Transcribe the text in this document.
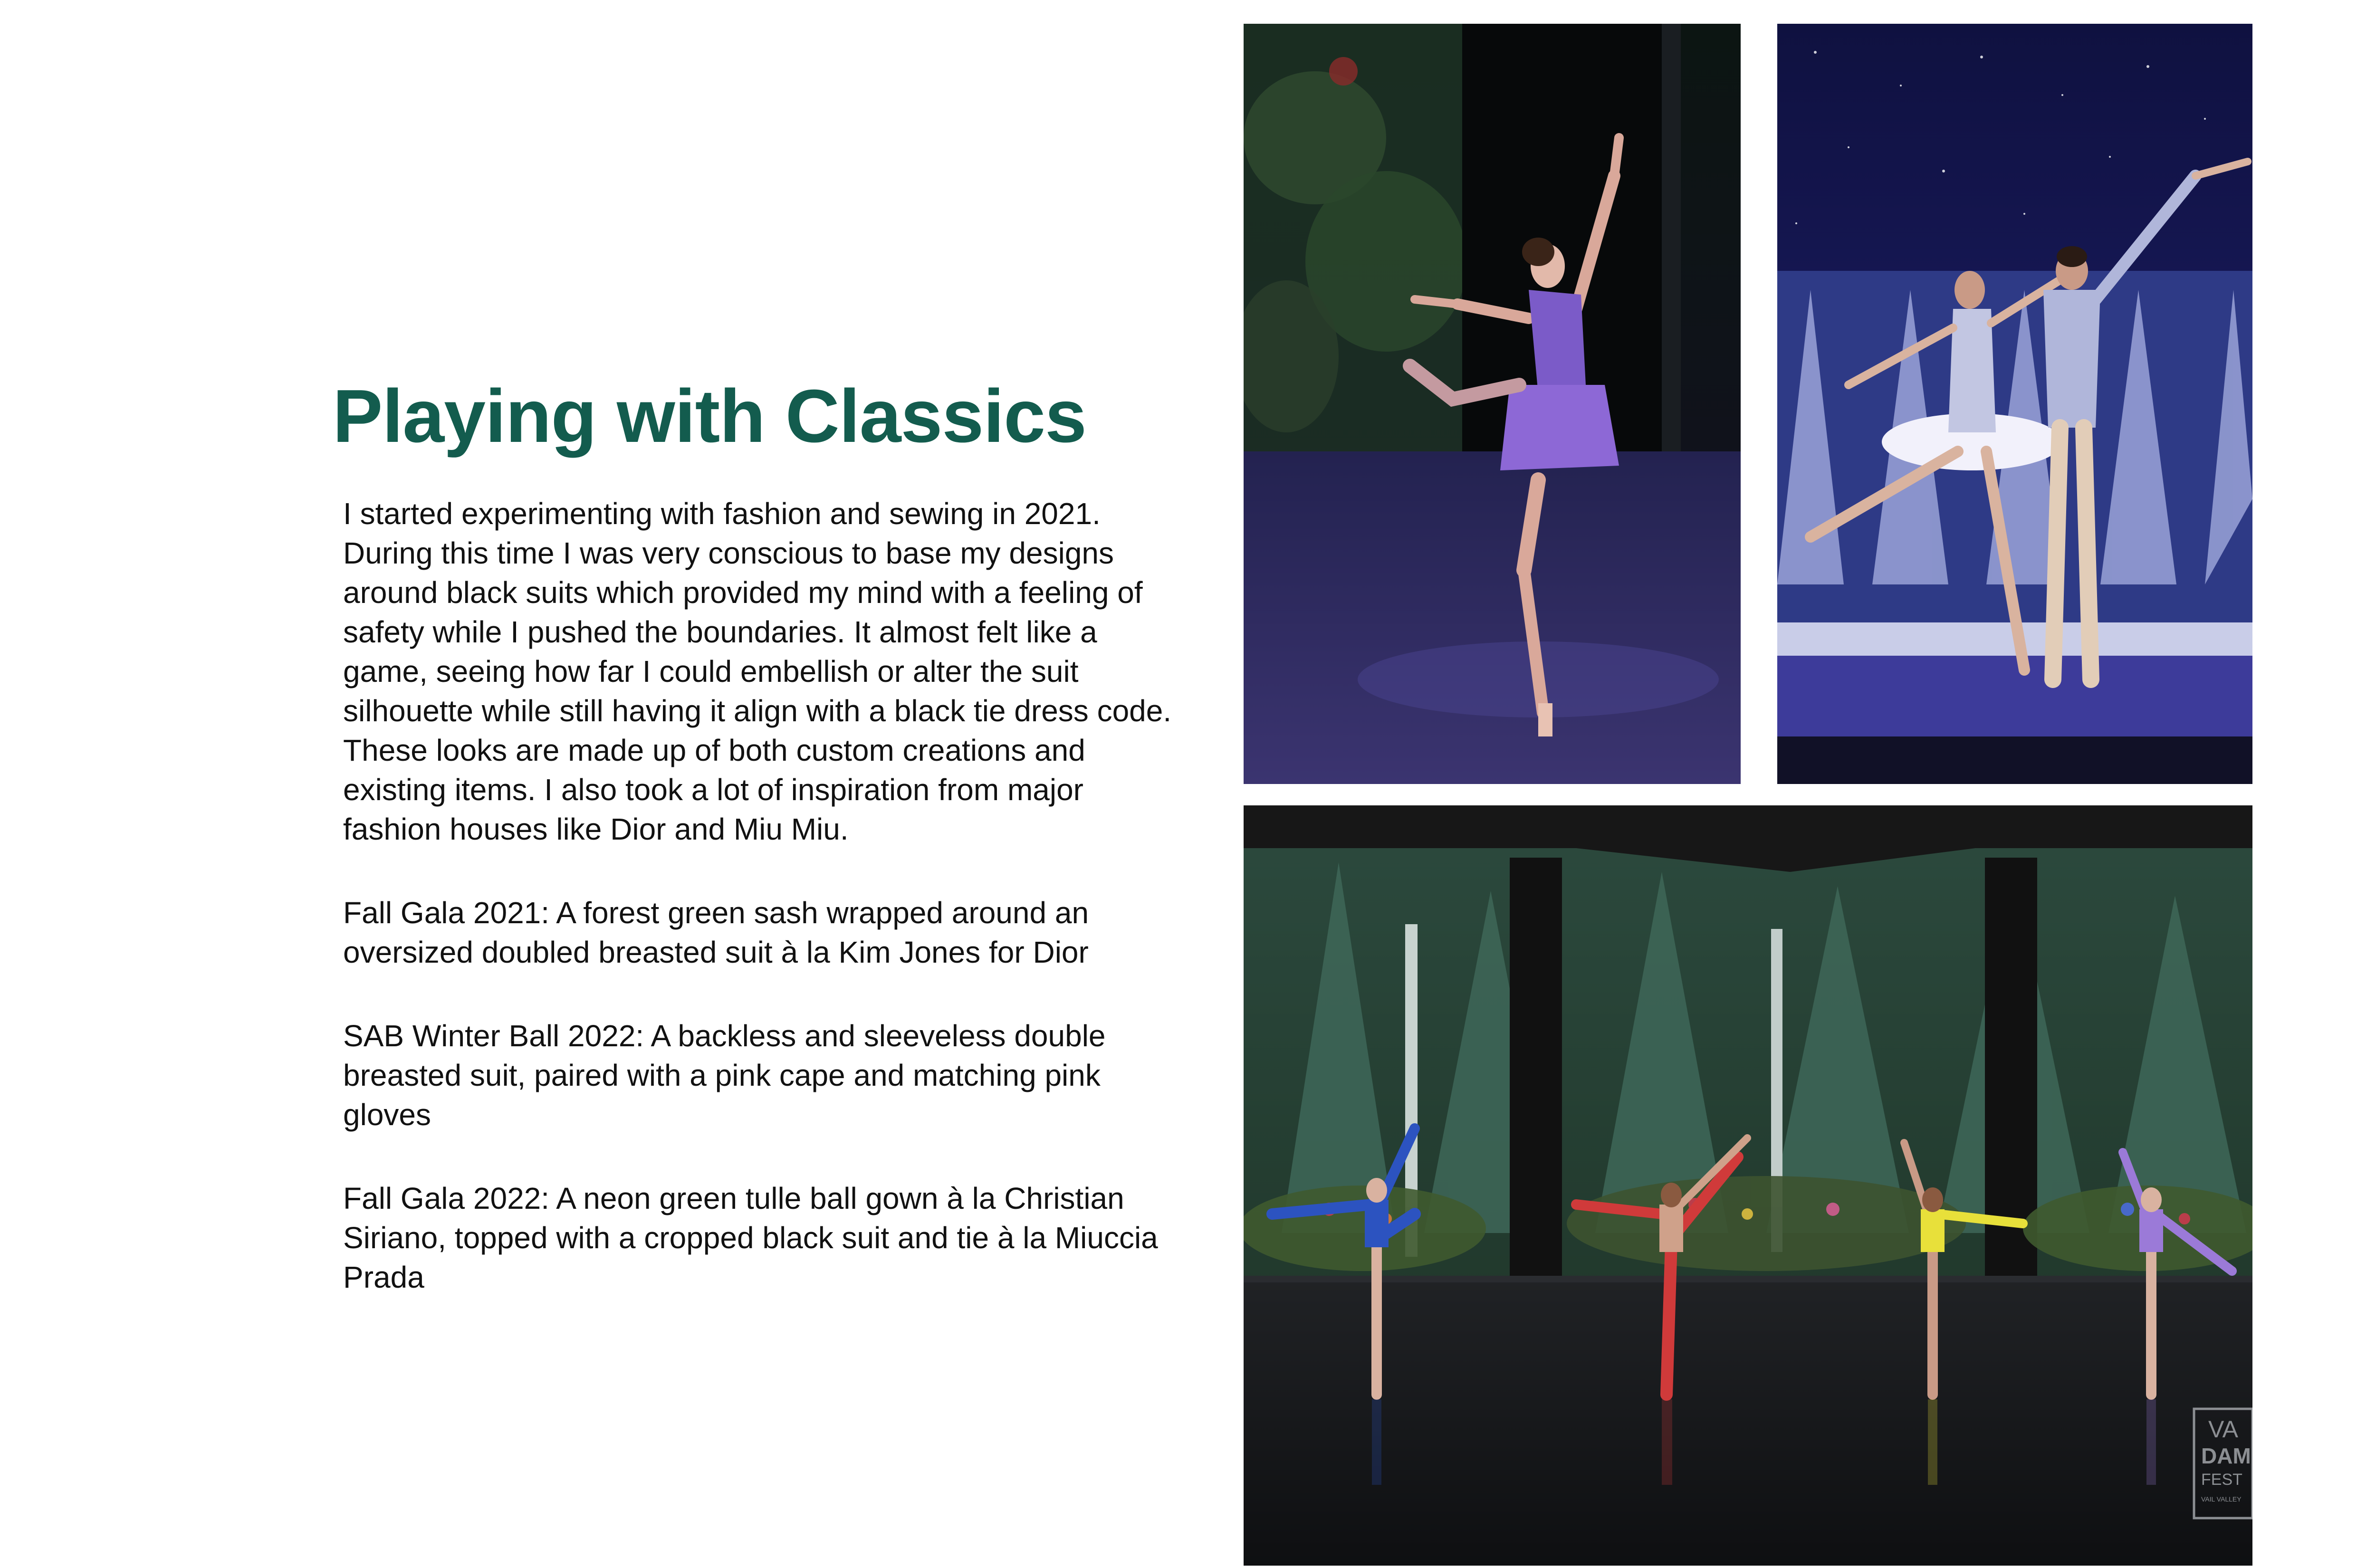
Playing with Classics

I started experimenting with fashion and sewing in 2021. During this time I was very conscious to base my designs around black suits which provided my mind with a feeling of safety while I pushed the boundaries. It almost felt like a game, seeing how far I could embellish or alter the suit silhouette while still having it align with a black tie dress code. These looks are made up of both custom creations and existing items. I also took a lot of inspiration from major fashion houses like Dior and Miu Miu.

Fall Gala 2021: A forest green sash wrapped around an oversized doubled breasted suit à la Kim Jones for Dior

SAB Winter Ball 2022: A backless and sleeveless double breasted suit, paired with a pink cape and matching pink gloves

Fall Gala 2022: A neon green tulle ball gown à la Christian Siriano, topped with a cropped black suit and tie à la Miuccia Prada

VA
DAM
FEST
VAIL VALLEY
